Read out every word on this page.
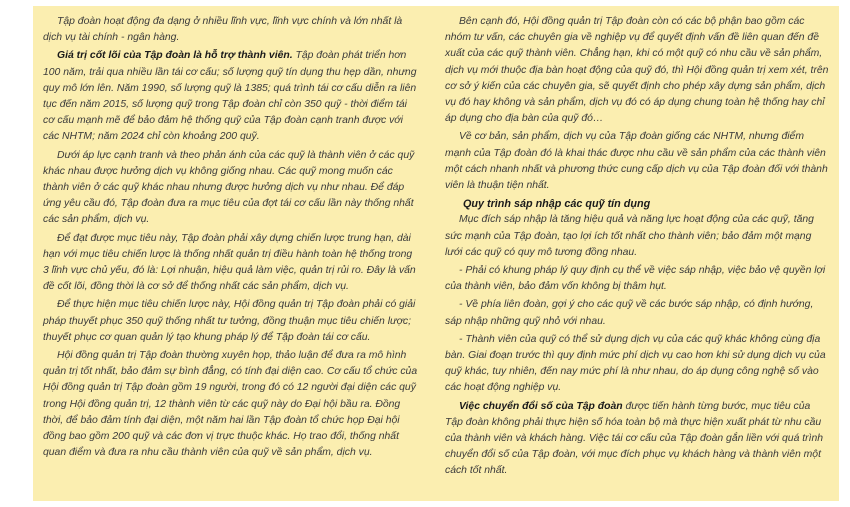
Tập đoàn hoạt động đa dạng ở nhiều lĩnh vực, lĩnh vực chính và lớn nhất là dịch vụ tài chính - ngân hàng.

Giá trị cốt lõi của Tập đoàn là hỗ trợ thành viên. Tập đoàn phát triển hơn 100 năm, trải qua nhiều lần tái cơ cấu; số lượng quỹ tín dụng thu hẹp dần, nhưng quy mô lớn lên. Năm 1990, số lượng quỹ là 1385; quá trình tái cơ cấu diễn ra liên tục đến năm 2015, số lượng quỹ trong Tập đoàn chỉ còn 350 quỹ - thời điểm tái cơ cấu mạnh mẽ để bảo đảm hệ thống quỹ của Tập đoàn cạnh tranh được với các NHTM; năm 2024 chỉ còn khoảng 200 quỹ.

Dưới áp lực cạnh tranh và theo phản ánh của các quỹ là thành viên ở các quỹ khác nhau được hưởng dịch vụ không giống nhau. Các quỹ mong muốn các thành viên ở các quỹ khác nhau nhưng được hưởng dịch vụ như nhau. Để đáp ứng yêu cầu đó, Tập đoàn đưa ra mục tiêu của đợt tái cơ cấu lần này thống nhất các sản phẩm, dịch vụ.

Để đạt được mục tiêu này, Tập đoàn phải xây dựng chiến lược trung hạn, dài hạn với mục tiêu chiến lược là thống nhất quản trị điều hành toàn hệ thống trong 3 lĩnh vực chủ yếu, đó là: Lợi nhuận, hiệu quả làm việc, quản trị rủi ro. Đây là vấn đề cốt lõi, đồng thời là cơ sở để thống nhất các sản phẩm, dịch vụ.

Để thực hiện mục tiêu chiến lược này, Hội đồng quản trị Tập đoàn phải có giải pháp thuyết phục 350 quỹ thống nhất tư tưởng, đồng thuận mục tiêu chiến lược; thuyết phục cơ quan quản lý tạo khung pháp lý để Tập đoàn tái cơ cấu.

Hội đồng quản trị Tập đoàn thường xuyên họp, thảo luận để đưa ra mô hình quản trị tốt nhất, bảo đảm sự bình đẳng, có tính đại diện cao. Cơ cấu tổ chức của Hội đồng quản trị Tập đoàn gồm 19 người, trong đó có 12 người đại diện các quỹ trong Hội đồng quản trị, 12 thành viên từ các quỹ này do Đại hội bầu ra. Đồng thời, để bảo đảm tính đại diện, một năm hai lần Tập đoàn tổ chức họp Đại hội đồng bao gồm 200 quỹ và các đơn vị trực thuộc khác. Họ trao đổi, thống nhất quan điểm và đưa ra nhu cầu thành viên của quỹ về sản phẩm, dịch vụ.

Bên cạnh đó, Hội đồng quản trị Tập đoàn còn có các bộ phận bao gồm các nhóm tư vấn, các chuyên gia về nghiệp vụ để quyết định vấn đề liên quan đến đề xuất của các quỹ thành viên. Chẳng hạn, khi có một quỹ có nhu cầu về sản phẩm, dịch vụ mới thuộc địa bàn hoạt động của quỹ đó, thì Hội đồng quản trị xem xét, trên cơ sở ý kiến của các chuyên gia, sẽ quyết định cho phép xây dựng sản phẩm, dịch vụ đó hay không và sản phẩm, dịch vụ đó có áp dụng chung toàn hệ thống hay chỉ áp dụng cho địa bàn của quỹ đó…

Về cơ bản, sản phẩm, dịch vụ của Tập đoàn giống các NHTM, nhưng điểm mạnh của Tập đoàn đó là khai thác được nhu cầu về sản phẩm của các thành viên một cách nhanh nhất và phương thức cung cấp dịch vụ của Tập đoàn đối với thành viên là thuận tiện nhất.

Quy trình sáp nhập các quỹ tín dụng

Mục đích sáp nhập là tăng hiệu quả và năng lực hoạt động của các quỹ, tăng sức mạnh của Tập đoàn, tạo lợi ích tốt nhất cho thành viên; bảo đảm một mạng lưới các quỹ có quy mô tương đồng nhau.

- Phải có khung pháp lý quy định cụ thể về việc sáp nhập, việc bảo vệ quyền lợi của thành viên, bảo đảm vốn không bị thâm hụt.

- Về phía liên đoàn, gợi ý cho các quỹ về các bước sáp nhập, có định hướng, sáp nhập những quỹ nhỏ với nhau.

- Thành viên của quỹ có thể sử dụng dịch vụ của các quỹ khác không cùng địa bàn. Giai đoạn trước thì quy định mức phí dịch vụ cao hơn khi sử dụng dịch vụ của quỹ khác, tuy nhiên, đến nay mức phí là như nhau, do áp dụng công nghệ số vào các hoạt động nghiệp vụ.

Việc chuyển đổi số của Tập đoàn được tiến hành từng bước, mục tiêu của Tập đoàn không phải thực hiện số hóa toàn bộ mà thực hiện xuất phát từ nhu cầu của thành viên và khách hàng. Việc tái cơ cấu của Tập đoàn gắn liền với quá trình chuyển đổi số của Tập đoàn, với mục đích phục vụ khách hàng và thành viên một cách tốt nhất.
